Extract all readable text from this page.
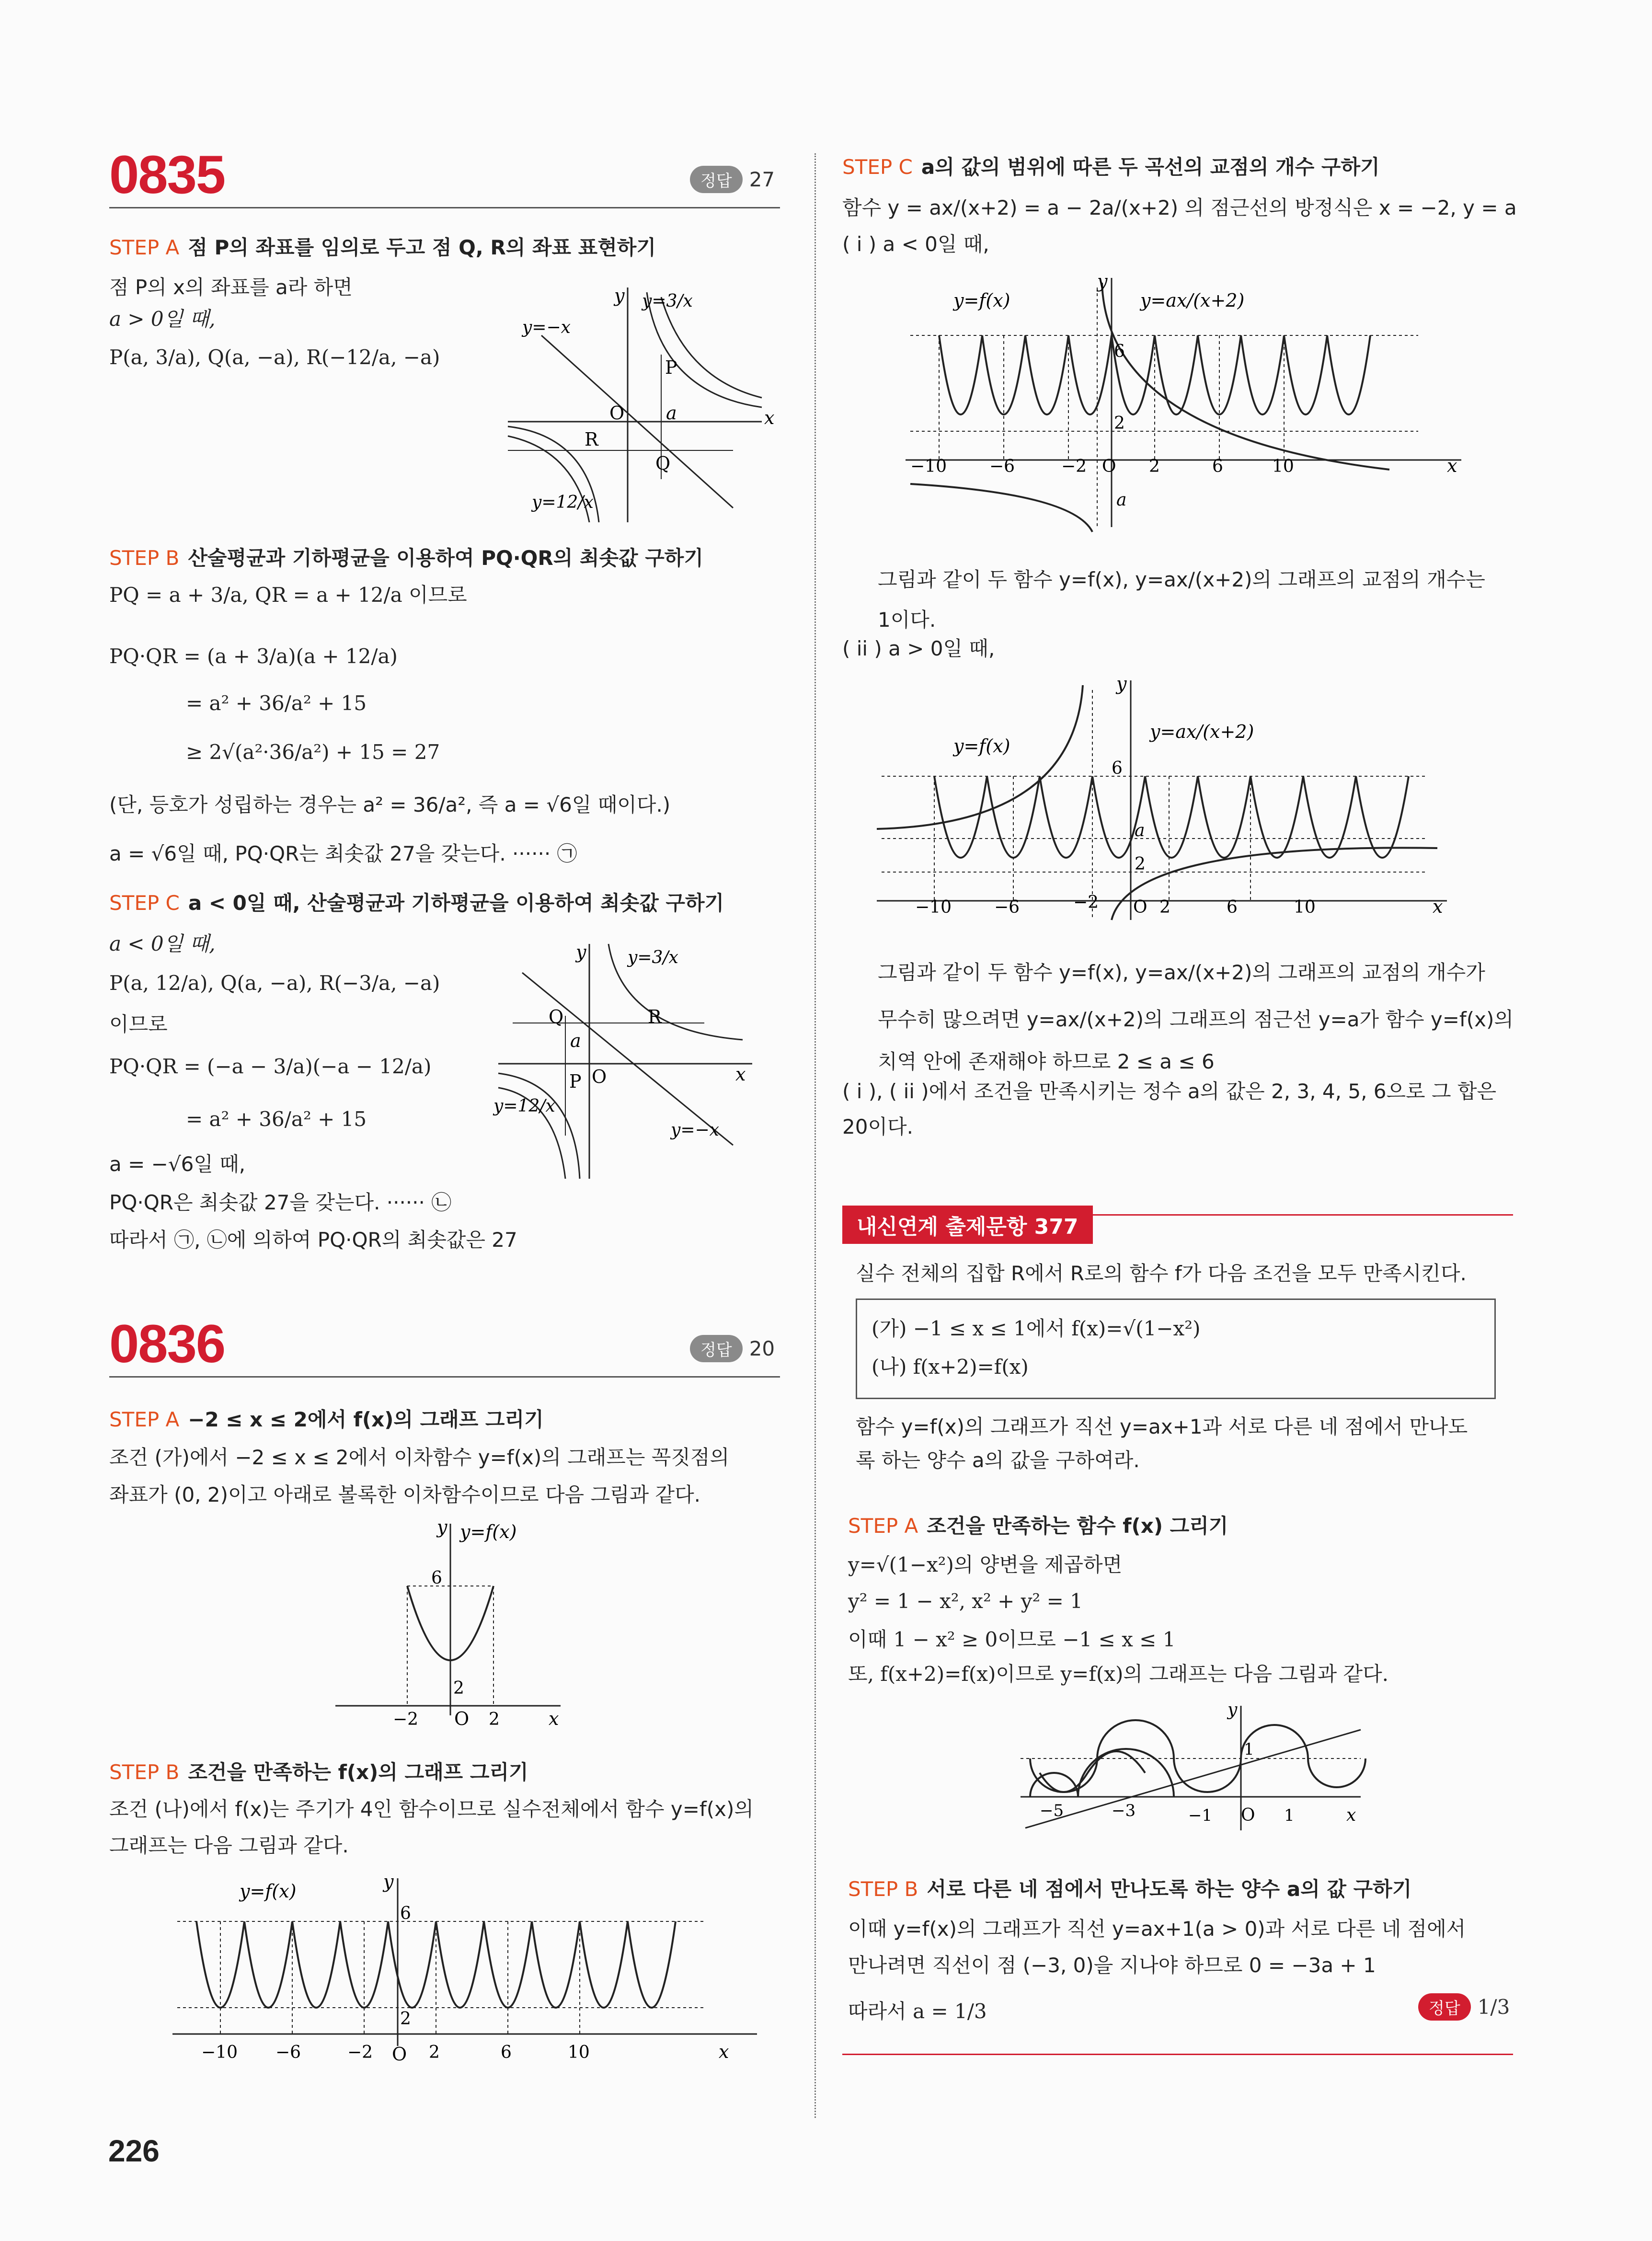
0835	정답 27
STEP A 점 P의 좌표를 임의로 두고 점 Q, R의 좌표 표현하기
점 P의 x의 좌표를 a라 하면
a > 0일 때,
P(a, 3/a), Q(a, −a), R(−12/a, −a)
y
x
O
P
Q
R
a
y=3/x
y=−x
y=12/x
STEP B 산술평균과 기하평균을 이용하여 PQ·QR의 최솟값 구하기
PQ = a + 3/a, QR = a + 12/a 이므로
PQ·QR = (a + 3/a)(a + 12/a)
= a² + 36/a² + 15
≥ 2√(a²·36/a²) + 15 = 27
(단, 등호가 성립하는 경우는 a² = 36/a², 즉 a = √6일 때이다.)
a = √6일 때, PQ·QR는 최솟값 27을 갖는다. ······ ㉠
STEP C a < 0일 때, 산술평균과 기하평균을 이용하여 최솟값 구하기
a < 0일 때,
P(a, 12/a), Q(a, −a), R(−3/a, −a)
이므로
PQ·QR = (−a − 3/a)(−a − 12/a)
= a² + 36/a² + 15
a = −√6일 때,
PQ·QR은 최솟값 27을 갖는다. ······ ㉡
따라서 ㉠, ㉡에 의하여 PQ·QR의 최솟값은 27
y
x
O
P
Q	R
a
y=3/x
y=−x
y=12/x
0836	정답 20
STEP A −2 ≤ x ≤ 2에서 f(x)의 그래프 그리기
조건 (가)에서 −2 ≤ x ≤ 2에서 이차함수 y=f(x)의 그래프는 꼭짓점의
좌표가 (0, 2)이고 아래로 볼록한 이차함수이므로 다음 그림과 같다.
y
x
O
y=f(x)
6
2
−2	2
STEP B 조건을 만족하는 f(x)의 그래프 그리기
조건 (나)에서 f(x)는 주기가 4인 함수이므로 실수전체에서 함수 y=f(x)의
그래프는 다음 그림과 같다.
y
x
O
y=f(x)
6
2
−10 −6	−2	2	6	10
226
STEP C a의 값의 범위에 따른 두 곡선의 교점의 개수 구하기
함수 y = ax/(x+2) = a − 2a/(x+2) 의 점근선의 방정식은 x = −2, y = a
( i ) a < 0일 때,
y
x
O
y=f(x)	y=ax/(x+2)
6
2
a
−10 −6	−2	2	6	10
그림과 같이 두 함수 y=f(x), y=ax/(x+2)의 그래프의 교점의 개수는
1이다.
( ii ) a > 0일 때,
y
x
O
y=f(x)
y=ax/(x+2)
6
2
a
−10 −6	−2	2	6	10
그림과 같이 두 함수 y=f(x), y=ax/(x+2)의 그래프의 교점의 개수가
무수히 많으려면 y=ax/(x+2)의 그래프의 점근선 y=a가 함수 y=f(x)의
치역 안에 존재해야 하므로 2 ≤ a ≤ 6
( i ), ( ii )에서 조건을 만족시키는 정수 a의 값은 2, 3, 4, 5, 6으로 그 합은
20이다.
내신연계 출제문항 377
실수 전체의 집합 R에서 R로의 함수 f가 다음 조건을 모두 만족시킨다.
(가) −1 ≤ x ≤ 1에서 f(x)=√(1−x²)
(나) f(x+2)=f(x)
함수 y=f(x)의 그래프가 직선 y=ax+1과 서로 다른 네 점에서 만나도
록 하는 양수 a의 값을 구하여라.
STEP A 조건을 만족하는 함수 f(x) 그리기
y=√(1−x²)의 양변을 제곱하면
y² = 1 − x², x² + y² = 1
이때 1 − x² ≥ 0이므로 −1 ≤ x ≤ 1
또, f(x+2)=f(x)이므로 y=f(x)의 그래프는 다음 그림과 같다.
y
x
O
1
−5	−3	−1	1
STEP B 서로 다른 네 점에서 만나도록 하는 양수 a의 값 구하기
이때 y=f(x)의 그래프가 직선 y=ax+1(a > 0)과 서로 다른 네 점에서
만나려면 직선이 점 (−3, 0)을 지나야 하므로 0 = −3a + 1
따라서 a = 1/3	정답 1/3
